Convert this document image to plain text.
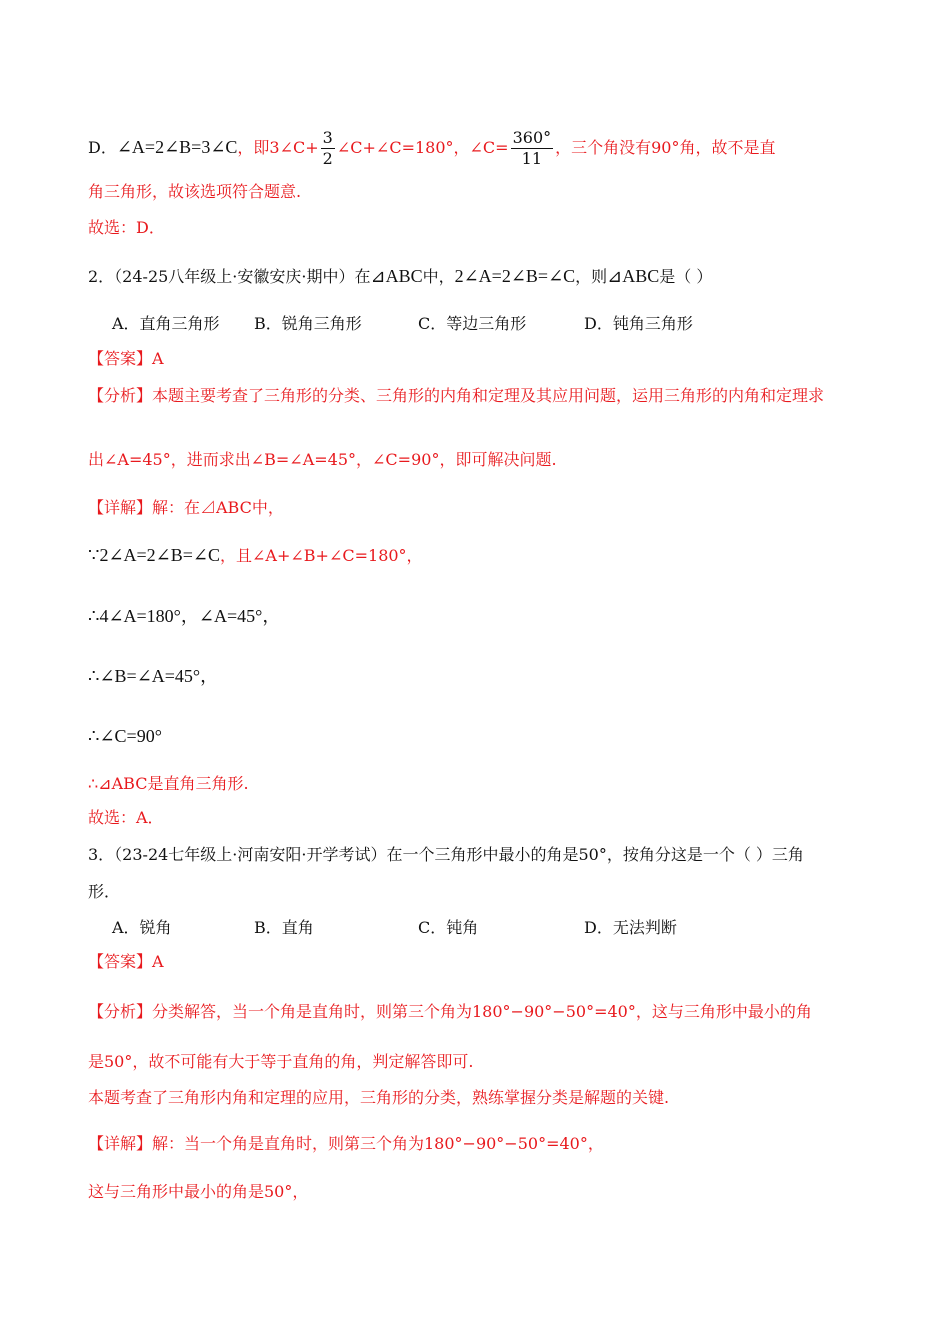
D．∠A=2∠B=3∠C，即3∠C+ $\frac{3}{2}$ ∠C+∠C=180°，∠C= $\frac{360^\circ}{11}$ ，三个角没有90°角，故不是直
角三角形，故该选项符合题意.
故选：D．
2．（24-25八年级上·安徽安庆·期中）在⊿ABC中，2∠A=2∠B=∠C，则⊿ABC是（ ）
A．直角三角形 B．锐角三角形	C．等边三角形	D．钝角三角形
【答案】A
【分析】本题主要考查了三角形的分类、三角形的内角和定理及其应用问题，运用三角形的内角和定理求
出∠A=45°，进而求出∠B=∠A=45°，∠C=90°，即可解决问题.
【详解】解：在⊿ABC中，
∵2∠A=2∠B=∠C，且∠A+∠B+∠C=180°，
∴4∠A=180°，∠A=45°，
∴∠B=∠A=45°，
∴∠C=90°
∴⊿ABC是直角三角形.
故选：A．
3．（23-24七年级上·河南安阳·开学考试）在一个三角形中最小的角是50°，按角分这是一个（ ）三角
形．
A．锐角	B．直角	C．钝角	D．无法判断
【答案】A
【分析】分类解答，当一个角是直角时，则第三个角为180°−90°−50°=40°，这与三角形中最小的角
是50°，故不可能有大于等于直角的角，判定解答即可.
本题考查了三角形内角和定理的应用，三角形的分类，熟练掌握分类是解题的关键.
【详解】解：当一个角是直角时，则第三个角为180°−90°−50°=40°，
这与三角形中最小的角是50°，
